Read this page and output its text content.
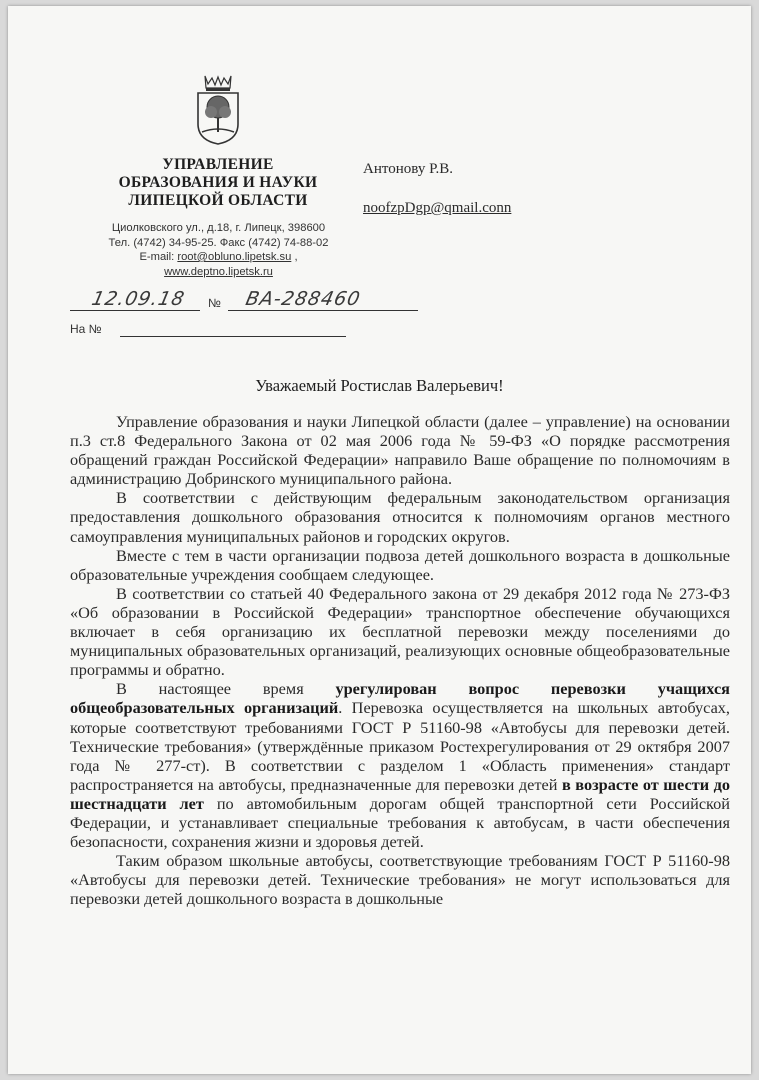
УПРАВЛЕНИЕ
ОБРАЗОВАНИЯ И НАУКИ
ЛИПЕЦКОЙ ОБЛАСТИ
Циолковского ул., д.18, г. Липецк, 398600
Тел. (4742) 34-95-25. Факс (4742) 74-88-02
E-mail: root@obluno.lipetsk.su ,
www.deptno.lipetsk.ru
Антонову Р.В.
noofzpDgp@qmail.conn
12.09.18 № ВА-288460
На №
Уважаемый Ростислав Валерьевич!

Управление образования и науки Липецкой области (далее – управление) на основании п.3 ст.8 Федерального Закона от 02 мая 2006 года № 59-ФЗ «О порядке рассмотрения обращений граждан Российской Федерации» направило Ваше обращение по полномочиям в администрацию Добринского муниципального района.

В соответствии с действующим федеральным законодательством организация предоставления дошкольного образования относится к полномочиям органов местного самоуправления муниципальных районов и городских округов.

Вместе с тем в части организации подвоза детей дошкольного возраста в дошкольные образовательные учреждения сообщаем следующее.

В соответствии со статьей 40 Федерального закона от 29 декабря 2012 года № 273-ФЗ «Об образовании в Российской Федерации» транспортное обеспечение обучающихся включает в себя организацию их бесплатной перевозки между поселениями до муниципальных образовательных организаций, реализующих основные общеобразовательные программы и обратно.

В настоящее время урегулирован вопрос перевозки учащихся общеобразовательных организаций. Перевозка осуществляется на школьных автобусах, которые соответствуют требованиями ГОСТ Р 51160-98 «Автобусы для перевозки детей. Технические требования» (утверждённые приказом Ростехрегулирования от 29 октября 2007 года № 277-ст). В соответствии с разделом 1 «Область применения» стандарт распространяется на автобусы, предназначенные для перевозки детей в возрасте от шести до шестнадцати лет по автомобильным дорогам общей транспортной сети Российской Федерации, и устанавливает специальные требования к автобусам, в части обеспечения безопасности, сохранения жизни и здоровья детей.

Таким образом школьные автобусы, соответствующие требованиям ГОСТ Р 51160-98 «Автобусы для перевозки детей. Технические требования» не могут использоваться для перевозки детей дошкольного возраста в дошкольные
